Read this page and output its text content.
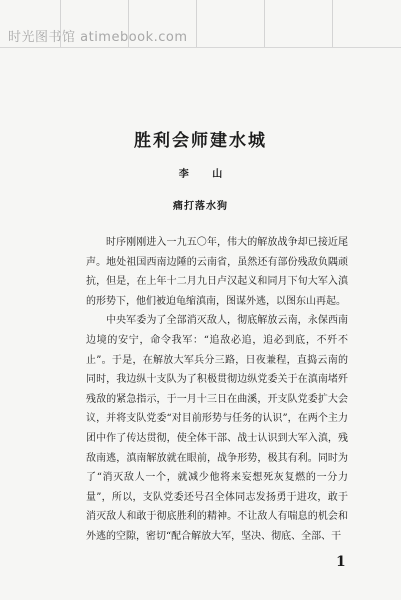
时光图书馆 atimebook.com
胜利会师建水城
李 山
痛打落水狗

时序刚刚进入一九五〇年，伟大的解放战争却已接近尾声。地处祖国西南边陲的云南省，虽然还有部份残敌负隅顽抗，但是，在上年十二月九日卢汉起义和同月下旬大军入滇的形势下，他们被迫龟缩滇南，图谋外逃，以图东山再起。

中央军委为了全部消灭敌人，彻底解放云南，永保西南边境的安宁，命令我军：“追敌必追，追必到底，不歼不止”。于是，在解放大军兵分三路，日夜兼程，直捣云南的同时，我边纵十支队为了积极贯彻边纵党委关于在滇南堵歼残敌的紧急指示，于一月十三日在曲溪，开支队党委扩大会议，并将支队党委“对目前形势与任务的认识”，在两个主力团中作了传达贯彻，使全体干部、战士认识到大军入滇，残敌南逃，滇南解放就在眼前，战争形势，极其有利。同时为了“消灭敌人一个，就减少他将来妄想死灰复燃的一分力量”，所以，支队党委还号召全体同志发扬勇于进攻，敢于消灭敌人和敢于彻底胜利的精神。不让敌人有喘息的机会和外逃的空隙，密切“配合解放大军，坚决、彻底、全部、干

1
